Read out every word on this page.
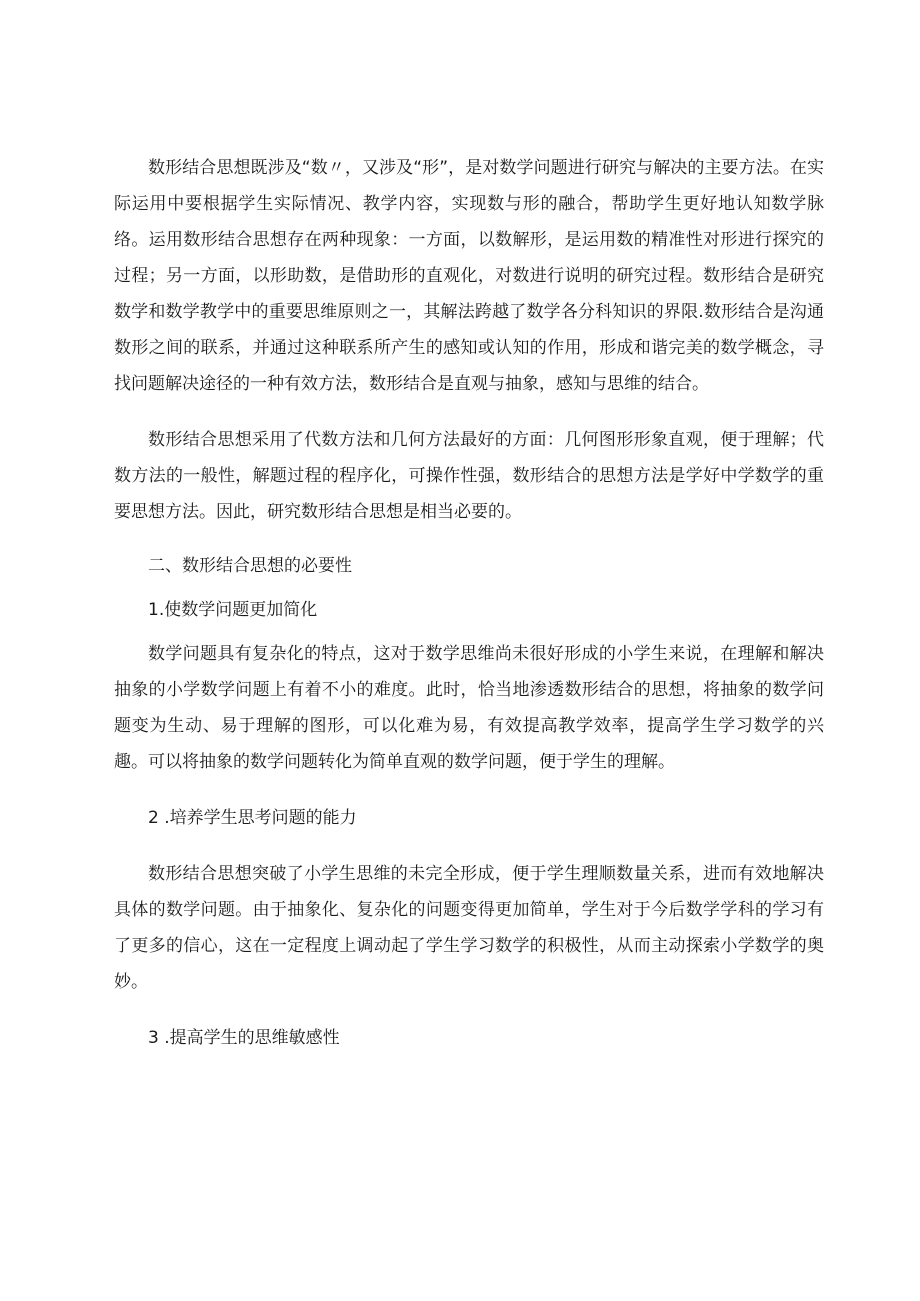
数形结合思想既涉及“数〃，又涉及“形”，是对数学问题进行研究与解决的主要方法。在实际运用中要根据学生实际情况、教学内容，实现数与形的融合，帮助学生更好地认知数学脉络。运用数形结合思想存在两种现象：一方面，以数解形，是运用数的精准性对形进行探究的过程；另一方面，以形助数，是借助形的直观化，对数进行说明的研究过程。数形结合是研究数学和数学教学中的重要思维原则之一，其解法跨越了数学各分科知识的界限.数形结合是沟通数形之间的联系，并通过这种联系所产生的感知或认知的作用，形成和谐完美的数学概念，寻找问题解决途径的一种有效方法，数形结合是直观与抽象，感知与思维的结合。

数形结合思想采用了代数方法和几何方法最好的方面：几何图形形象直观，便于理解；代数方法的一般性，解题过程的程序化，可操作性强，数形结合的思想方法是学好中学数学的重要思想方法。因此，研究数形结合思想是相当必要的。

二、数形结合思想的必要性

1.使数学问题更加简化

数学问题具有复杂化的特点，这对于数学思维尚未很好形成的小学生来说，在理解和解决抽象的小学数学问题上有着不小的难度。此时，恰当地渗透数形结合的思想，将抽象的数学问题变为生动、易于理解的图形，可以化难为易，有效提高教学效率，提高学生学习数学的兴趣。可以将抽象的数学问题转化为简单直观的数学问题，便于学生的理解。

2 .培养学生思考问题的能力

数形结合思想突破了小学生思维的未完全形成，便于学生理顺数量关系，进而有效地解决具体的数学问题。由于抽象化、复杂化的问题变得更加简单，学生对于今后数学学科的学习有了更多的信心，这在一定程度上调动起了学生学习数学的积极性，从而主动探索小学数学的奥妙。

3 .提高学生的思维敏感性
